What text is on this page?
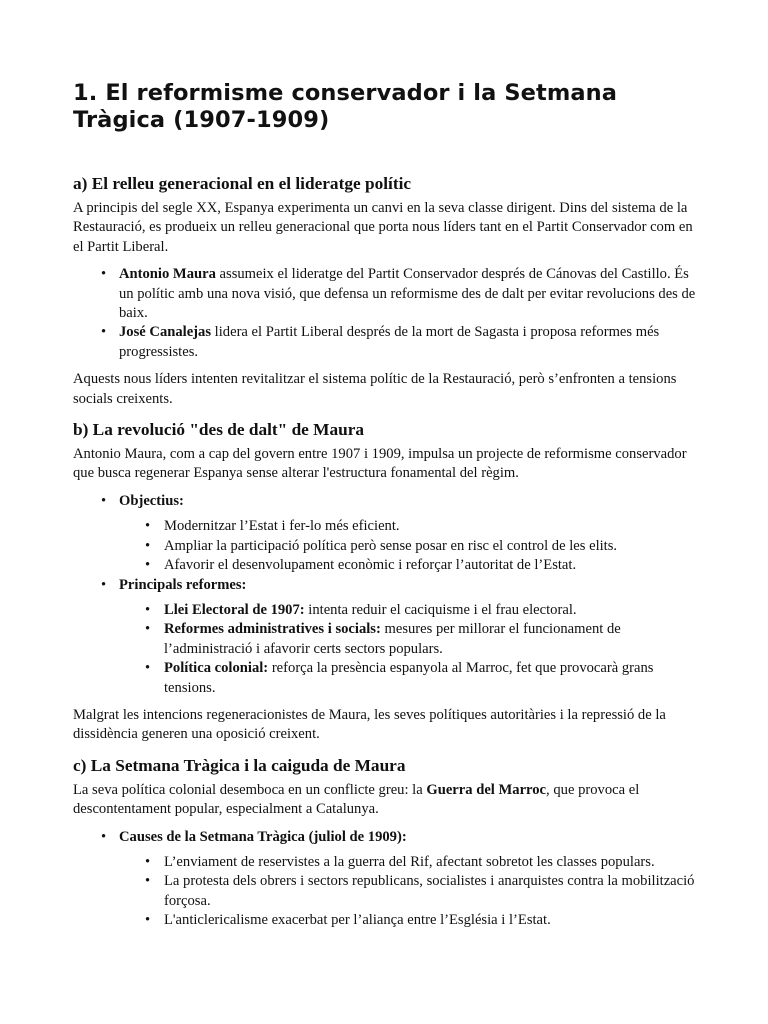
1. El reformisme conservador i la Setmana Tràgica (1907-1909)
a) El relleu generacional en el lideratge polític

A principis del segle XX, Espanya experimenta un canvi en la seva classe dirigent. Dins del sistema de la Restauració, es produeix un relleu generacional que porta nous líders tant en el Partit Conservador com en el Partit Liberal.

• Antonio Maura assumeix el lideratge del Partit Conservador després de Cánovas del Castillo. És un polític amb una nova visió, que defensa un reformisme des de dalt per evitar revolucions des de baix.
• José Canalejas lidera el Partit Liberal després de la mort de Sagasta i proposa reformes més progressistes.

Aquests nous líders intenten revitalitzar el sistema polític de la Restauració, però s’enfronten a tensions socials creixents.

b) La revolució "des de dalt" de Maura

Antonio Maura, com a cap del govern entre 1907 i 1909, impulsa un projecte de reformisme conservador que busca regenerar Espanya sense alterar l'estructura fonamental del règim.

• Objectius:
• Modernitzar l’Estat i fer-lo més eficient.
• Ampliar la participació política però sense posar en risc el control de les elits.
• Afavorir el desenvolupament econòmic i reforçar l’autoritat de l’Estat.
• Principals reformes:
• Llei Electoral de 1907: intenta reduir el caciquisme i el frau electoral.
• Reformes administratives i socials: mesures per millorar el funcionament de l’administració i afavorir certs sectors populars.
• Política colonial: reforça la presència espanyola al Marroc, fet que provocarà grans tensions.

Malgrat les intencions regeneracionistes de Maura, les seves polítiques autoritàries i la repressió de la dissidència generen una oposició creixent.

c) La Setmana Tràgica i la caiguda de Maura

La seva política colonial desemboca en un conflicte greu: la Guerra del Marroc, que provoca el descontentament popular, especialment a Catalunya.

• Causes de la Setmana Tràgica (juliol de 1909):
• L’enviament de reservistes a la guerra del Rif, afectant sobretot les classes populars.
• La protesta dels obrers i sectors republicans, socialistes i anarquistes contra la mobilització forçosa.
• L'anticlericalisme exacerbat per l’aliança entre l’Església i l’Estat.
